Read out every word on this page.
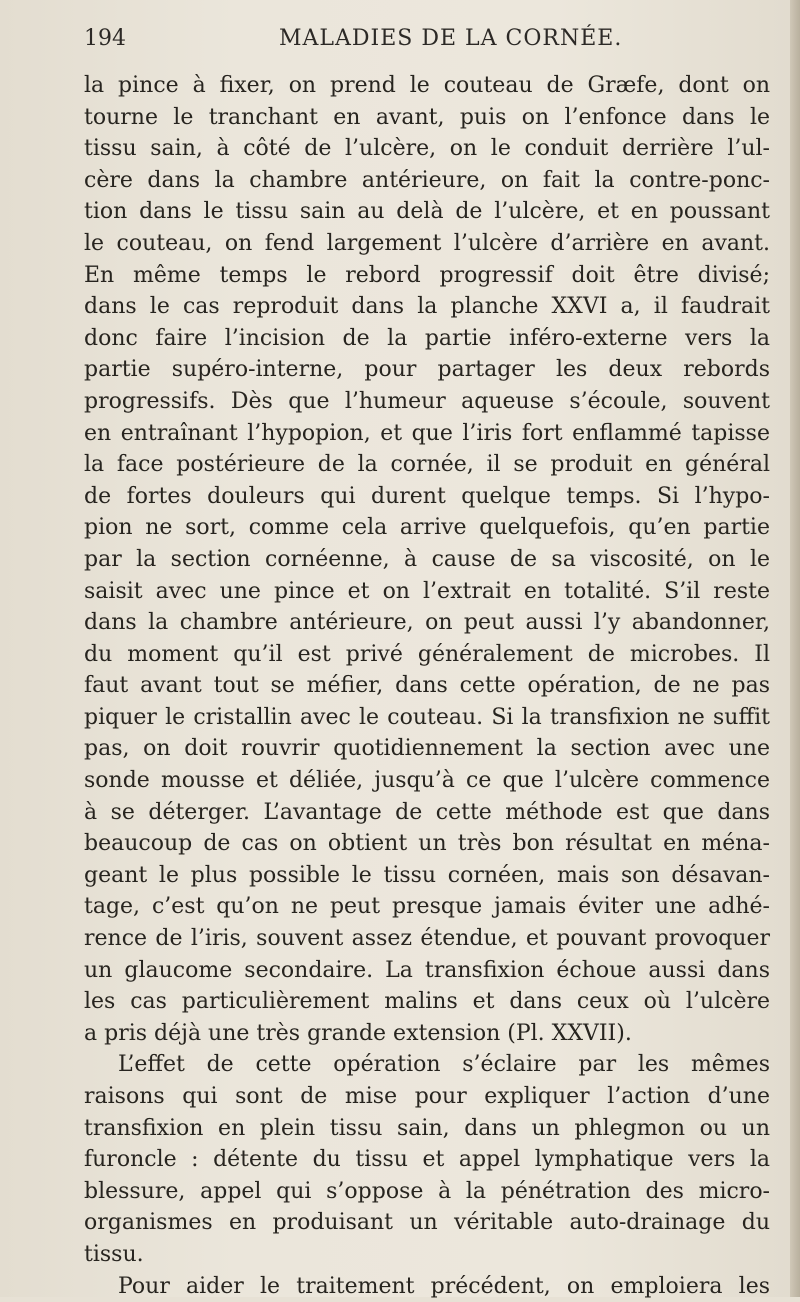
194	MALADIES DE LA CORNÉE.
la pince à fixer, on prend le couteau de Græfe, dont on
tourne le tranchant en avant, puis on l’enfonce dans le
tissu sain, à côté de l’ulcère, on le conduit derrière l’ul-
cère dans la chambre antérieure, on fait la contre-ponc-
tion dans le tissu sain au delà de l’ulcère, et en poussant
le couteau, on fend largement l’ulcère d’arrière en avant.
En même temps le rebord progressif doit être divisé;
dans le cas reproduit dans la planche XXVI a, il faudrait
donc faire l’incision de la partie inféro-externe vers la
partie supéro-interne, pour partager les deux rebords
progressifs. Dès que l’humeur aqueuse s’écoule, souvent
en entraînant l’hypopion, et que l’iris fort enflammé tapisse
la face postérieure de la cornée, il se produit en général
de fortes douleurs qui durent quelque temps. Si l’hypo-
pion ne sort, comme cela arrive quelquefois, qu’en partie
par la section cornéenne, à cause de sa viscosité, on le
saisit avec une pince et on l’extrait en totalité. S’il reste
dans la chambre antérieure, on peut aussi l’y abandonner,
du moment qu’il est privé généralement de microbes. Il
faut avant tout se méfier, dans cette opération, de ne pas
piquer le cristallin avec le couteau. Si la transfixion ne suffit
pas, on doit rouvrir quotidiennement la section avec une
sonde mousse et déliée, jusqu’à ce que l’ulcère commence
à se déterger. L’avantage de cette méthode est que dans
beaucoup de cas on obtient un très bon résultat en ména-
geant le plus possible le tissu cornéen, mais son désavan-
tage, c’est qu’on ne peut presque jamais éviter une adhé-
rence de l’iris, souvent assez étendue, et pouvant provoquer
un glaucome secondaire. La transfixion échoue aussi dans
les cas particulièrement malins et dans ceux où l’ulcère
a pris déjà une très grande extension (Pl. XXVII).
L’effet de cette opération s’éclaire par les mêmes
raisons qui sont de mise pour expliquer l’action d’une
transfixion en plein tissu sain, dans un phlegmon ou un
furoncle : détente du tissu et appel lymphatique vers la
blessure, appel qui s’oppose à la pénétration des micro-
organismes en produisant un véritable auto-drainage du
tissu.
Pour aider le traitement précédent, on emploiera les
